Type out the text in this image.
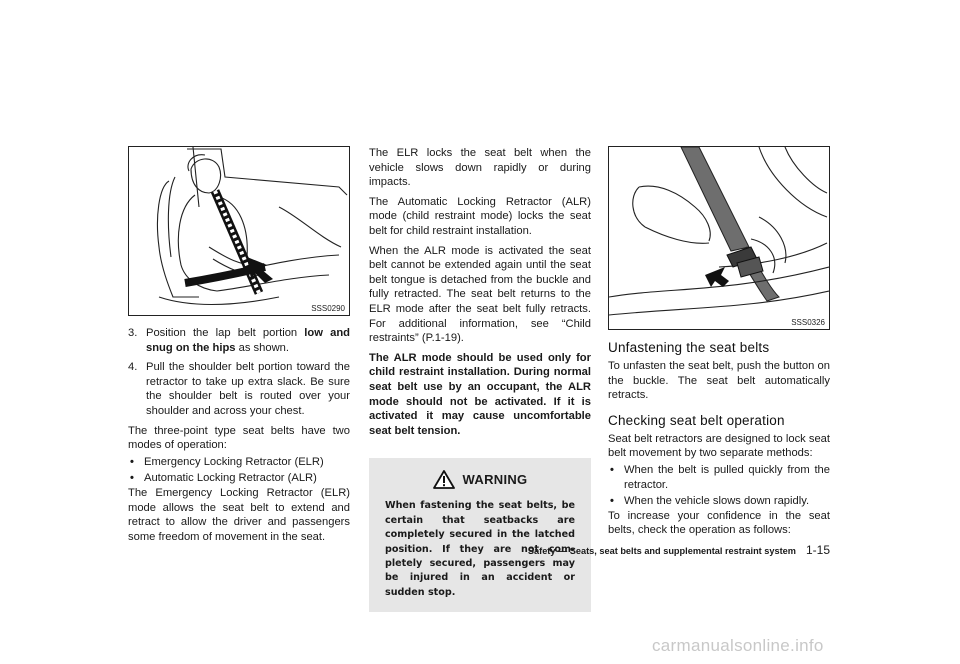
SSS0290

3. Position the lap belt portion low and snug on the hips as shown.

4. Pull the shoulder belt portion toward the retractor to take up extra slack. Be sure the shoulder belt is routed over your shoulder and across your chest.

The three-point type seat belts have two modes of operation:

• Emergency Locking Retractor (ELR)

• Automatic Locking Retractor (ALR)

The Emergency Locking Retractor (ELR) mode allows the seat belt to extend and retract to allow the driver and passengers some freedom of movement in the seat.

The ELR locks the seat belt when the vehicle slows down rapidly or during impacts.

The Automatic Locking Retractor (ALR) mode (child restraint mode) locks the seat belt for child restraint installation.

When the ALR mode is activated the seat belt cannot be extended again until the seat belt tongue is detached from the buckle and fully retracted. The seat belt returns to the ELR mode after the seat belt fully retracts. For additional information, see “Child restraints” (P.1-19).

The ALR mode should be used only for child restraint installation. During normal seat belt use by an occupant, the ALR mode should not be activated. If it is activated it may cause uncomfortable seat belt tension.

WARNING

When fastening the seat belts, be certain that seatbacks are completely secured in the latched position. If they are not com-pletely secured, passengers may be injured in an accident or sudden stop.

SSS0326
Unfastening the seat belts

To unfasten the seat belt, push the button on the buckle. The seat belt automatically retracts.

Checking seat belt operation

Seat belt retractors are designed to lock seat belt movement by two separate methods:

• When the belt is pulled quickly from the retractor.

• When the vehicle slows down rapidly.

To increase your confidence in the seat belts, check the operation as follows:

Safety — Seats, seat belts and supplemental restraint system 1-15
carmanualsonline.info
